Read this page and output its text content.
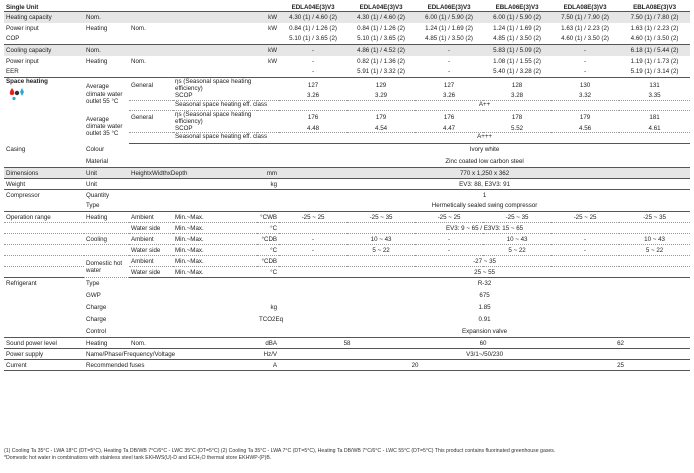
Single Unit					EDLA04E(3)V3	EDLA04E(3)V3	EDLA06E(3)V3	EBLA06E(3)V3	EDLA08E(3)V3	EBLA08E(3)V3
Heating capacity	Nom.			kW	4.30 (1) / 4.60 (2)	4.30 (1) / 4.60 (2)	6.00 (1) / 5.90 (2)	6.00 (1) / 5.90 (2)	7.50 (1) / 7.90 (2)	7.50 (1) / 7.80 (2)
Power input	Heating	Nom.		kW	0.84 (1) / 1.26 (2)	0.84 (1) / 1.26 (2)	1.24 (1) / 1.69 (2)	1.24 (1) / 1.69 (2)	1.63 (1) / 2.23 (2)	1.63 (1) / 2.23 (2)
COP					5.10 (1) / 3.65 (2)	5.10 (1) / 3.65 (2)	4.85 (1) / 3.50 (2)	4.85 (1) / 3.50 (2)	4.60 (1) / 3.50 (2)	4.60 (1) / 3.50 (2)
Cooling capacity	Nom.			kW	-	4.86 (1) / 4.52 (2)	-	5.83 (1) / 5.09 (2)	-	6.18 (1) / 5.44 (2)
Power input	Heating	Nom.		kW	-	0.82 (1) / 1.36 (2)	-	1.08 (1) / 1.55 (2)	-	1.19 (1) / 1.73 (2)
EER					-	5.91 (1) / 3.32 (2)	-	5.40 (1) / 3.28 (2)	-	5.19 (1) / 3.14 (2)
Space heating	Average climate water outlet 55 °C	General	ηs (Seasonal space heating efficiency)		127	129	127	128	130	131
			SCOP		3.26	3.29	3.26	3.28	3.32	3.35
			Seasonal space heating eff. class		A++					

	Average climate water outlet 35 °C	General	ηs (Seasonal space heating efficiency)		176	179	176	178	179	181
			SCOP		4.48	4.54	4.47	5.52	4.56	4.61
			Seasonal space heating eff. class		A+++					

Casing	Colour				Ivory white					
	Material				Zinc coated low carbon steel					
Dimensions	Unit	HeightxWidthxDepth		mm	770 x 1,250 x 362					
Weight	Unit			kg	EV3: 88, E3V3: 91					
Compressor	Quantity				1					
	Type				Hermetically sealed swing compressor					
Operation range	Heating	Ambient	Min.~Max.	°CWB	-25 ~ 25	-25 ~ 35	-25 ~ 25	-25 ~ 35	-25 ~ 25	-25 ~ 35
		Water side	Min.~Max.	°C	EV3: 9 ~ 65 / E3V3: 15 ~ 65					
	Cooling	Ambient	Min.~Max.	°CDB	-	10 ~ 43	-	10 ~ 43	-	10 ~ 43
		Water side	Min.~Max.	°C	-	5 ~ 22	-	5 ~ 22	-	5 ~ 22
	Domestic hot water	Ambient	Min.~Max.	°CDB	-27 ~ 35					
		Water side	Min.~Max.	°C	25 ~ 55					
Refrigerant	Type				R-32					
	GWP				675					
	Charge			kg	1.85					
	Charge			TCO2Eq	0.91					
	Control				Expansion valve					
Sound power level	Heating	Nom.		dBA	58		60		62	
Power supply	Name/Phase/Frequency/Voltage			Hz/V	V3/1~/50/230					
Current	Recommended fuses			A	20				25	
(1) Cooling Ta 35°C - LWA 18°C (DT=5°C), Heating Ta DB/WB 7°C/6°C - LWC 35°C (DT=5°C) (2) Cooling Ta 35°C - LWA 7°C (DT=5°C), Heating Ta DB/WB 7°C/6°C - LWC 55°C (DT=5°C) This product contains fluorinated greenhouse gases.
*Domestic hot water in combinations with stainless steel tank EKHWS(U)-D and ECH₂O thermal store EKHWP-(P)B.
